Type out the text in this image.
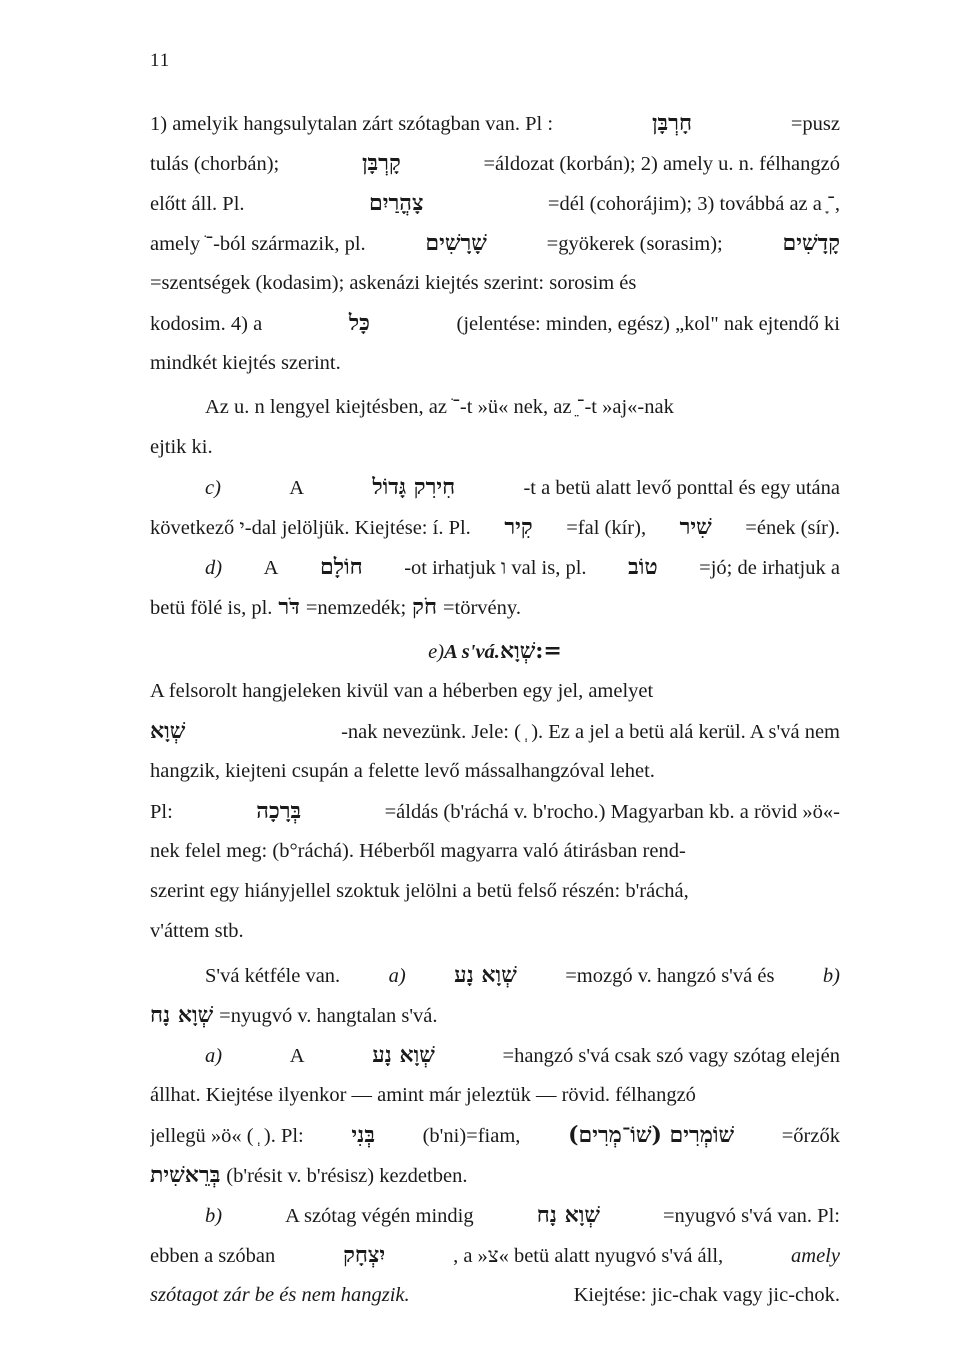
11
1) amelyik hangsulytalan zárt szótagban van. Pl :	חָרְבָּן	=pusz
tulás (chorbán);	קָרְבָּן	=áldozat (korbán); 2) amely u. n. félhangzó
előtt áll. Pl.	צָהֳרַיִם	=dél (cohorájim); 3) továbbá az a ־ָ,
amely ־ֹ-ból származik, pl.	שָׁרָשִׁים	=gyökerek (sorasim);	קָדָשִׁים
=szentségek (kodasim); askenázi kiejtés szerint: sorosim és
kodosim. 4) a	כָּל	(jelentése: minden, egész) „kol" nak ejtendő ki
mindkét kiejtés szerint.
Az u. n lengyel kiejtésben, az ־ֹ-t »ü« nek, az ־ֵ-t »aj«-nak
ejtik ki.
c)	A	חִירִק גָּדוֹל	-t a betü alatt levő ponttal és egy utána
következő י-dal jelöljük. Kiejtése: í. Pl. קִיר =fal (kír), שִׁיר =ének (sír).
d) A חוֹלָם -ot irhatjuk ו val is, pl. טוֹב =jó; de irhatjuk a
betü fölé is, pl. דֹּר =nemzedék; חֹק =törvény.
e) A s'vá. =:שְׁוָא
A felsorolt hangjeleken kivül van a héberben egy jel, amelyet
שְׁוָא	-nak nevezünk. Jele: ( ְ ). Ez a jel a betü alá kerül. A s'vá nem
hangzik, kiejteni csupán a felette levő mássalhangzóval lehet.
Pl:	בְּרָכָה	=áldás (b'ráchá v. b'rocho.) Magyarban kb. a rövid »ö«-
nek felel meg: (b°ráchá). Héberből magyarra való átirásban rend-
szerint egy hiányjellel szoktuk jelölni a betü felső részén: b'ráchá,
v'áttem stb.
S'vá kétféle van. a) שְׁוָא נָע =mozgó v. hangzó s'vá és b)
שְׁוָא נָח =nyugvó v. hangtalan s'vá.
a)	A	שְׁוָא נָע	=hangzó s'vá csak szó vagy szótag elején
állhat. Kiejtése ilyenkor — amint már jeleztük — rövid. félhangzó
jellegü »ö« ( ְ ). Pl: בְּנִי (b'ni)=fiam, שׁוֹמְרִים (שׁוֹ־מְרִים) =őrzők
בְּרֵאשִׁית (b'résit v. b'résisz) kezdetben.
b)	A szótag végén mindig	שְׁוָא נָח	=nyugvó s'vá van. Pl:
ebben a szóban	יִצְחָק	, a »צ« betü alatt nyugvó s'vá áll,	amely
szótagot zár be és nem hangzik.	Kiejtése: jic-chak vagy jic-chok.
